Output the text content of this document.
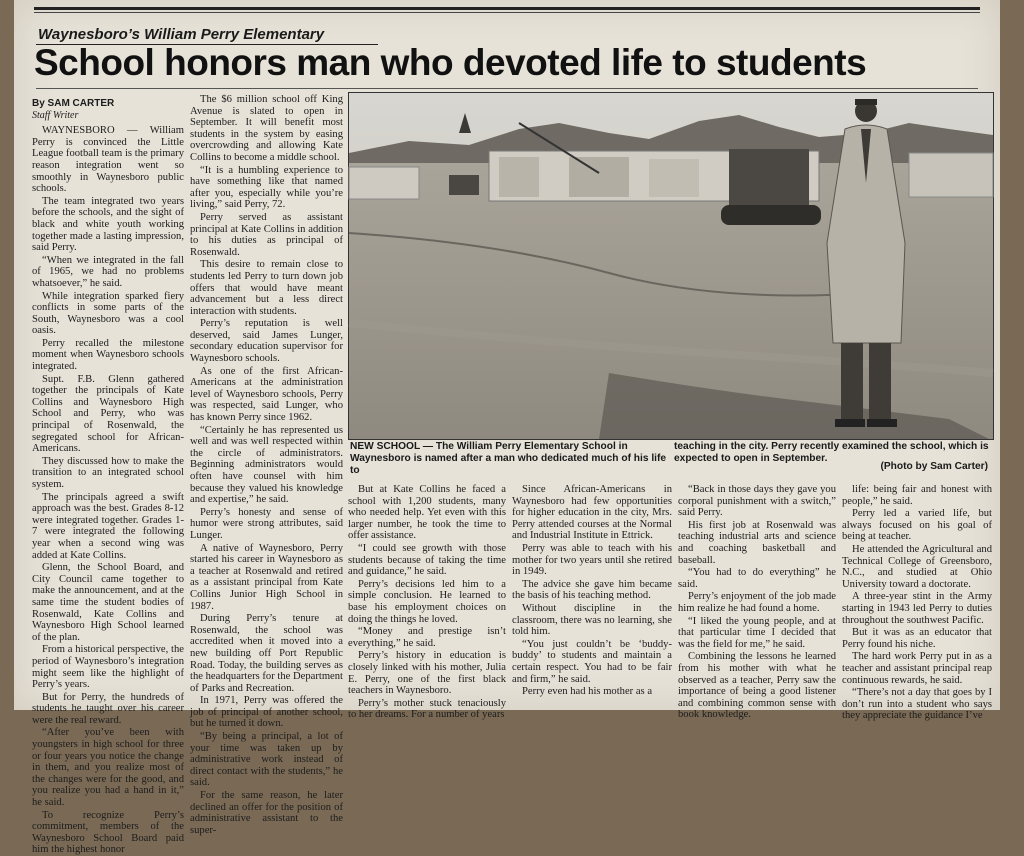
Waynesboro’s William Perry Elementary
School honors man who devoted life to students
By SAM CARTER
Staff Writer

WAYNESBORO — William Perry is convinced the Little League football team is the primary reason integration went so smoothly in Waynesboro public schools.

The team integrated two years before the schools, and the sight of black and white youth working together made a lasting impression, said Perry.

“When we integrated in the fall of 1965, we had no problems whatsoever,” he said.

While integration sparked fiery conflicts in some parts of the South, Waynesboro was a cool oasis.

Perry recalled the milestone moment when Waynesboro schools integrated.

Supt. F.B. Glenn gathered together the principals of Kate Collins and Waynesboro High School and Perry, who was principal of Rosenwald, the segregated school for African-Americans.

They discussed how to make the transition to an integrated school system.

The principals agreed a swift approach was the best. Grades 8-12 were integrated together. Grades 1-7 were integrated the following year when a second wing was added at Kate Collins.

Glenn, the School Board, and City Council came together to make the announcement, and at the same time the student bodies of Rosenwald, Kate Collins and Waynesboro High School learned of the plan.

From a historical perspective, the period of Waynesboro’s integration might seem like the highlight of Perry’s years.

But for Perry, the hundreds of students he taught over his career were the real reward.

“After you’ve been with youngsters in high school for three or four years you notice the change in them, and you realize most of the changes were for the good, and you realize you had a hand in it,” he said.

To recognize Perry’s commitment, members of the Waynesboro School Board paid him the highest honor

The $6 million school off King Avenue is slated to open in September. It will benefit most students in the system by easing overcrowding and allowing Kate Collins to become a middle school.

“It is a humbling experience to have something like that named after you, especially while you’re living,” said Perry, 72.

Perry served as assistant principal at Kate Collins in addition to his duties as principal of Rosenwald.

This desire to remain close to students led Perry to turn down job offers that would have meant advancement but a less direct interaction with students.

Perry’s reputation is well deserved, said James Lunger, secondary education supervisor for Waynesboro schools.

As one of the first African-Americans at the administration level of Waynesboro schools, Perry was respected, said Lunger, who has known Perry since 1962.

“Certainly he has represented us well and was well respected within the circle of administrators. Beginning administrators would often have counsel with him because they valued his knowledge and expertise,” he said.

Perry’s honesty and sense of humor were strong attributes, said Lunger.

A native of Waynesboro, Perry started his career in Waynesboro as a teacher at Rosenwald and retired as a assistant principal from Kate Collins Junior High School in 1987.

During Perry’s tenure at Rosenwald, the school was accredited when it moved into a new building off Port Republic Road. Today, the building serves as the headquarters for the Department of Parks and Recreation.

In 1971, Perry was offered the job of principal of another school, but he turned it down.

“By being a principal, a lot of your time was taken up by administrative work instead of direct contact with the students,” he said.

For the same reason, he later declined an offer for the position of administrative assistant to the super-

NEW SCHOOL — The William Perry Elementary School in Waynesboro is named after a man who dedicated much of his life to
teaching in the city. Perry recently examined the school, which is expected to open in September.
(Photo by Sam Carter)

But at Kate Collins he faced a school with 1,200 students, many who needed help. Yet even with this larger number, he took the time to offer assistance.

“I could see growth with those students because of taking the time and guidance,” he said.

Perry’s decisions led him to a simple conclusion. He learned to base his employment choices on doing the things he loved.

“Money and prestige isn’t everything,” he said.

Perry’s history in education is closely linked with his mother, Julia E. Perry, one of the first black teachers in Waynesboro.

Perry’s mother stuck tenaciously to her dreams. For a number of years

Since African-Americans in Waynesboro had few opportunities for higher education in the city, Mrs. Perry attended courses at the Normal and Industrial Institute in Ettrick.

Perry was able to teach with his mother for two years until she retired in 1949.

The advice she gave him became the basis of his teaching method.

Without discipline in the classroom, there was no learning, she told him.

“You just couldn’t be ‘buddy-buddy’ to students and maintain a certain respect. You had to be fair and firm,” he said.

Perry even had his mother as a

“Back in those days they gave you corporal punishment with a switch,” said Perry.

His first job at Rosenwald was teaching industrial arts and science and coaching basketball and baseball.

“You had to do everything” he said.

Perry’s enjoyment of the job made him realize he had found a home.

“I liked the young people, and at that particular time I decided that was the field for me,” he said.

Combining the lessons he learned from his mother with what he observed as a teacher, Perry saw the importance of being a good listener and combining common sense with book knowledge.

life: being fair and honest with people,” he said.

Perry led a varied life, but always focused on his goal of being at teacher.

He attended the Agricultural and Technical College of Greensboro, N.C., and studied at Ohio University toward a doctorate.

A three-year stint in the Army starting in 1943 led Perry to duties throughout the southwest Pacific.

But it was as an educator that Perry found his niche.

The hard work Perry put in as a teacher and assistant principal reap continuous rewards, he said.

“There’s not a day that goes by I don’t run into a student who says they appreciate the guidance I’ve
